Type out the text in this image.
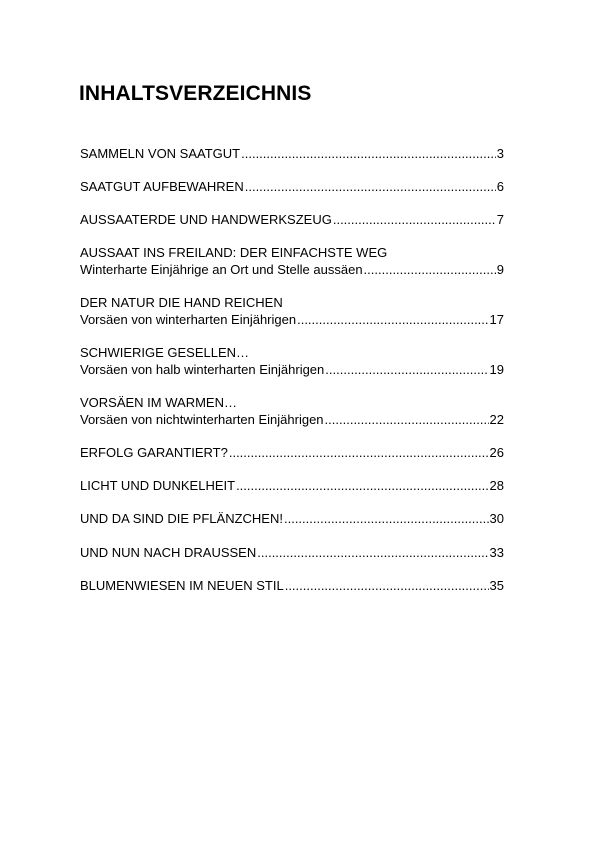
INHALTSVERZEICHNIS
SAMMELN VON SAATGUT .....	3
SAATGUT AUFBEWAHREN .....	6
AUSSAATERDE UND HANDWERKSZEUG .....	7
AUSSAAT INS FREILAND: DER EINFACHSTE WEG
Winterharte Einjährige an Ort und Stelle aussäen .....	9
DER NATUR DIE HAND REICHEN
Vorsäen von winterharten Einjährigen .....	17
SCHWIERIGE GESELLEN…
Vorsäen von halb winterharten Einjährigen .....	19
VORSÄEN IM WARMEN…
Vorsäen von nichtwinterharten Einjährigen .....	22
ERFOLG GARANTIERT? .....	26
LICHT UND DUNKELHEIT .....	28
UND DA SIND DIE PFLÄNZCHEN! .....	30
UND NUN NACH DRAUSSEN .....	33
BLUMENWIESEN IM NEUEN STIL .....	35
